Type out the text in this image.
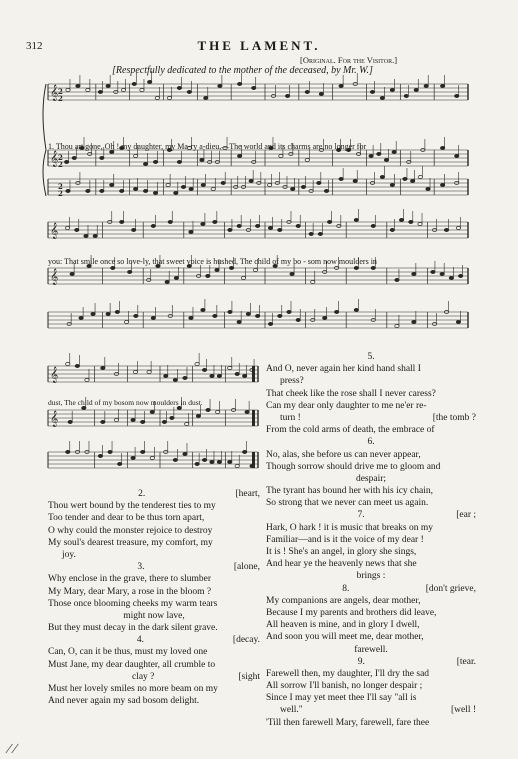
312	THE LAMENT.
[Original. For the Visitor.]
[Respectfully dedicated to the mother of the deceased, by Mr. W.]
𝄞
𝄞
𝄞
𝄞
𝄞
𝄞
2
2
2
2
2
2
1. Thou art gone, Oh ! my daughter, my Ma-ry a-dieu,—The world and its charms are no longer for
you: That smile once so love-ly, that sweet voice is hushed, The child of my bo - som now moulders in
dust, The child of my bosom now moulders in dust.
2.	[heart,
Thou wert bound by the tenderest ties to my
Too tender and dear to be thus torn apart,
O why could the monster rejoice to destroy
My soul's dearest treasure, my comfort, my
joy.
3.	[alone,
Why enclose in the grave, there to slumber
My Mary, dear Mary, a rose in the bloom ?
Those once blooming cheeks my warm tears
might now lave,
But they must decay in the dark silent grave.
4.	[decay.
Can, O, can it be thus, must my loved one
Must Jane, my dear daughter, all crumble to
clay ?	[sight
Must her lovely smiles no more beam on my
And never again my sad bosom delight.
5.
And O, never again her kind hand shall I
press?
That cheek like the rose shall I never caress?
Can my dear only daughter to me ne'er re-
turn !	[the tomb ?
From the cold arms of death, the embrace of
6.
No, alas, she before us can never appear,
Though sorrow should drive me to gloom and
despair;
The tyrant has bound her with his icy chain,
So strong that we never can meet us again.
7.	[ear ;
Hark, O hark ! it is music that breaks on my
Familiar—and is it the voice of my dear !
It is ! She's an angel, in glory she sings,
And hear ye the heavenly news that she
brings :
8.	[don't grieve,
My companions are angels, dear mother,
Because I my parents and brothers did leave,
All heaven is mine, and in glory I dwell,
And soon you will meet me, dear mother,
farewell.
9.	[tear.
Farewell then, my daughter, I'll dry the sad
All sorrow I'll banish, no longer despair ;
Since I may yet meet thee I'll say "all is
well."	[well !
'Till then farewell Mary, farewell, fare thee
⁄ ∕
